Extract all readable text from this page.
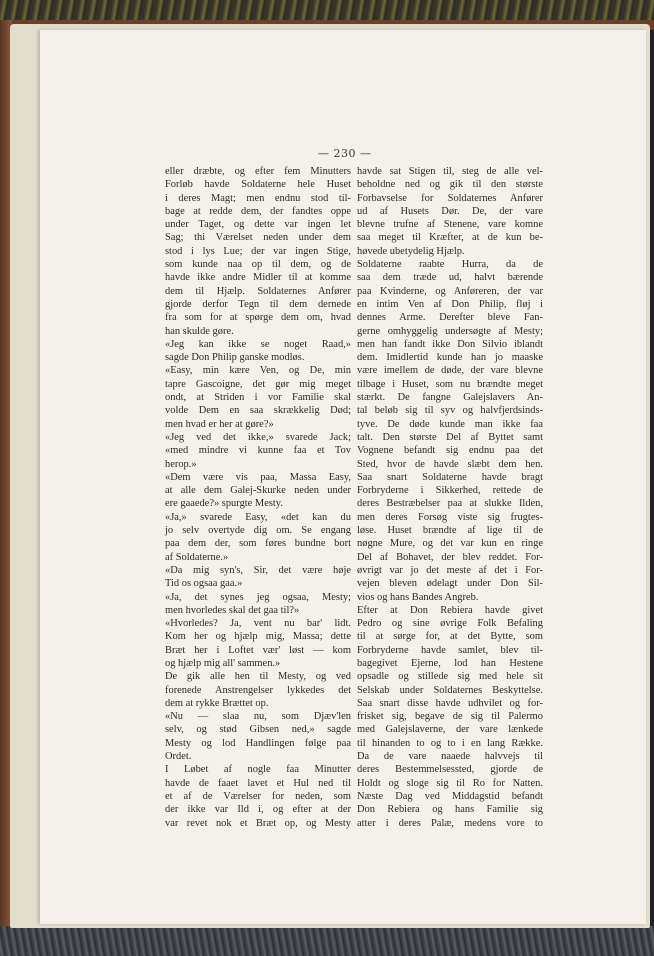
— 230 —
eller dræbte, og efter fem Minutters
Forløb havde Soldaterne hele Huset
i deres Magt; men endnu stod til-
bage at redde dem, der fandtes oppe
under Taget, og dette var ingen let
Sag; thi Værelset neden under dem
stod i lys Lue; der var ingen Stige,
som kunde naa op til dem, og de
havde ikke andre Midler til at komme
dem til Hjælp. Soldaternes Anfører
gjorde derfor Tegn til dem dernede
fra som for at spørge dem om, hvad
han skulde gøre.
«Jeg kan ikke se noget Raad,»
sagde Don Philip ganske modløs.
«Easy, min kære Ven, og De, min
tapre Gascoigne, det gør mig meget
ondt, at Striden i vor Familie skal
volde Dem en saa skrækkelig Død;
men hvad er her at gøre?»
«Jeg ved det ikke,» svarede Jack;
«med mindre vi kunne faa et Tov
herop.»
«Dem være vis paa, Massa Easy,
at alle dem Galej-Skurke neden under
ere gaaede?» spurgte Mesty.
«Ja,» svarede Easy, «det kan du
jo selv overtyde dig om. Se engang
paa dem der, som føres bundne bort
af Soldaterne.»
«Da mig syn's, Sir, det være høje
Tid os ogsaa gaa.»
«Ja, det synes jeg ogsaa, Mesty;
men hvorledes skal det gaa til?»
«Hvorledes? Ja, vent nu bar' lidt.
Kom her og hjælp mig, Massa; dette
Bræt her i Loftet vær' løst — kom
og hjælp mig all' sammen.»
De gik alle hen til Mesty, og ved
forenede Anstrengelser lykkedes det
dem at rykke Brættet op.
«Nu — slaa nu, som Djæv'len
selv, og stød Gibsen ned,» sagde
Mesty og lod Handlingen følge paa
Ordet.
I Løbet af nogle faa Minutter
havde de faaet lavet et Hul ned til
et af de Værelser for neden, som
der ikke var Ild i, og efter at der
var revet nok et Bræt op, og Mesty
havde sat Stigen til, steg de alle vel-
beholdne ned og gik til den største
Forbavselse for Soldaternes Anfører
ud af Husets Dør. De, der vare
blevne trufne af Stenene, vare komne
saa meget til Kræfter, at de kun be-
høvede ubetydelig Hjælp.
Soldaterne raabte Hurra, da de
saa dem træde ud, halvt bærende
paa Kvinderne, og Anføreren, der var
en intim Ven af Don Philip, fløj i
dennes Arme. Derefter bleve Fan-
gerne omhyggelig undersøgte af Mesty;
men han fandt ikke Don Silvio iblandt
dem. Imidlertid kunde han jo maaske
være imellem de døde, der vare blevne
tilbage i Huset, som nu brændte meget
stærkt. De fangne Galejslavers An-
tal beløb sig til syv og halvfjerdsinds-
tyve. De døde kunde man ikke faa
talt. Den største Del af Byttet samt
Vognene befandt sig endnu paa det
Sted, hvor de havde slæbt dem hen.
Saa snart Soldaterne havde bragt
Forbryderne i Sikkerhed, rettede de
deres Bestræbelser paa at slukke Ilden,
men deres Forsøg viste sig frugtes-
løse. Huset brændte af lige til de
nøgne Mure, og det var kun en ringe
Del af Bohavet, der blev reddet. For-
øvrigt var jo det meste af det i For-
vejen bleven ødelagt under Don Sil-
vios og hans Bandes Angreb.
Efter at Don Rebiera havde givet
Pedro og sine øvrige Folk Befaling
til at sørge for, at det Bytte, som
Forbryderne havde samlet, blev til-
bagegivet Ejerne, lod han Hestene
opsadle og stillede sig med hele sit
Selskab under Soldaternes Beskyttelse.
Saa snart disse havde udhvilet og for-
frisket sig, begave de sig til Palermo
med Galejslaverne, der vare lænkede
til hinanden to og to i en lang Række.
Da de vare naaede halvvejs til
deres Bestemmelsessted, gjorde de
Holdt og sloge sig til Ro for Natten.
Næste Dag ved Middagstid befandt
Don Rebiera og hans Familie sig
atter i deres Palæ, medens vore to
